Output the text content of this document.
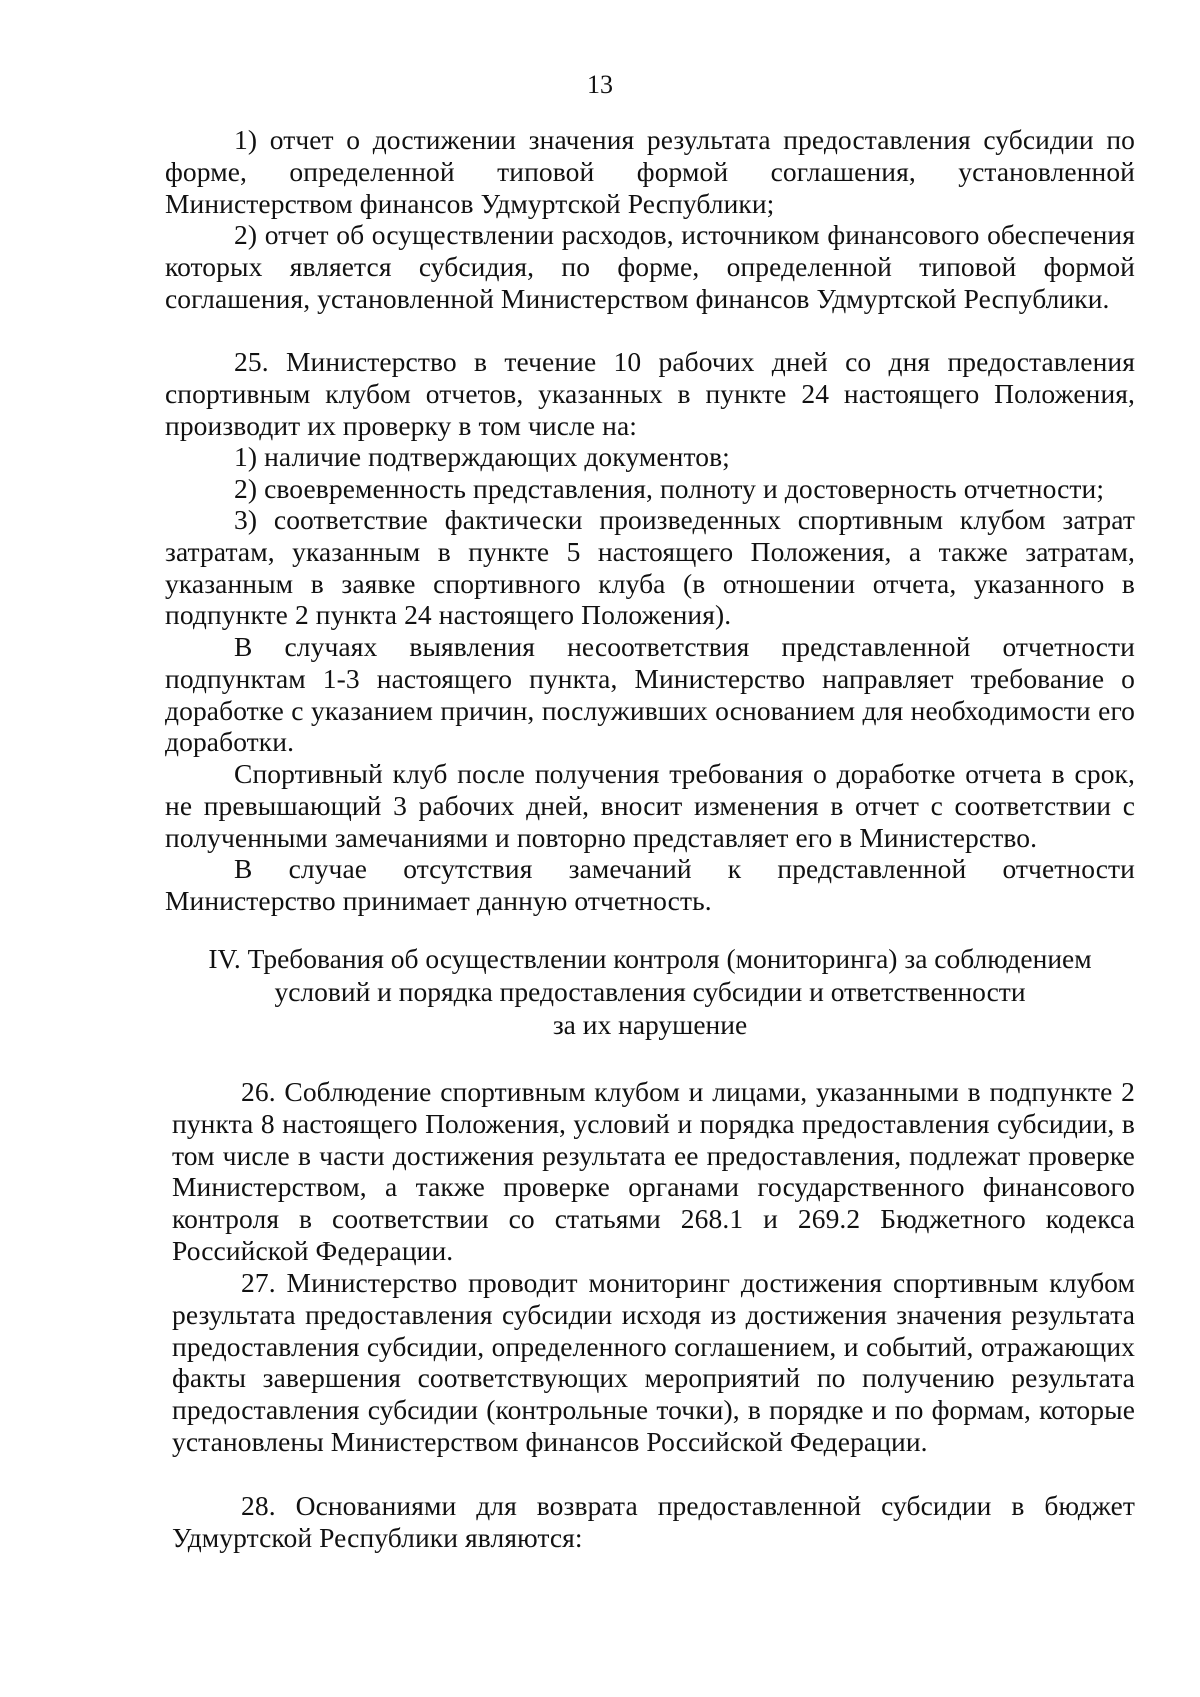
13

1) отчет о достижении значения результата предоставления субсидии по форме, определенной типовой формой соглашения, установленной Министерством финансов Удмуртской Республики;

2) отчет об осуществлении расходов, источником финансового обеспечения которых является субсидия, по форме, определенной типовой формой соглашения, установленной Министерством финансов Удмуртской Республики.

25. Министерство в течение 10 рабочих дней со дня предоставления спортивным клубом отчетов, указанных в пункте 24 настоящего Положения, производит их проверку в том числе на:

1) наличие подтверждающих документов;

2) своевременность представления, полноту и достоверность отчетности;

3) соответствие фактически произведенных спортивным клубом затрат затратам, указанным в пункте 5 настоящего Положения, а также затратам, указанным в заявке спортивного клуба (в отношении отчета, указанного в подпункте 2 пункта 24 настоящего Положения).

В случаях выявления несоответствия представленной отчетности подпунктам 1-3 настоящего пункта, Министерство направляет требование о доработке с указанием причин, послуживших основанием для необходимости его доработки.

Спортивный клуб после получения требования о доработке отчета в срок, не превышающий 3 рабочих дней, вносит изменения в отчет с соответствии с полученными замечаниями и повторно представляет его в Министерство.

В случае отсутствия замечаний к представленной отчетности Министерство принимает данную отчетность.

IV. Требования об осуществлении контроля (мониторинга) за соблюдением
условий и порядка предоставления субсидии и ответственности
за их нарушение

26. Соблюдение спортивным клубом и лицами, указанными в подпункте 2 пункта 8 настоящего Положения, условий и порядка предоставления субсидии, в том числе в части достижения результата ее предоставления, подлежат проверке Министерством, а также проверке органами государственного финансового контроля в соответствии со статьями 268.1 и 269.2 Бюджетного кодекса Российской Федерации.

27. Министерство проводит мониторинг достижения спортивным клубом результата предоставления субсидии исходя из достижения значения результата предоставления субсидии, определенного соглашением, и событий, отражающих факты завершения соответствующих мероприятий по получению результата предоставления субсидии (контрольные точки), в порядке и по формам, которые установлены Министерством финансов Российской Федерации.

28. Основаниями для возврата предоставленной субсидии в бюджет Удмуртской Республики являются:
